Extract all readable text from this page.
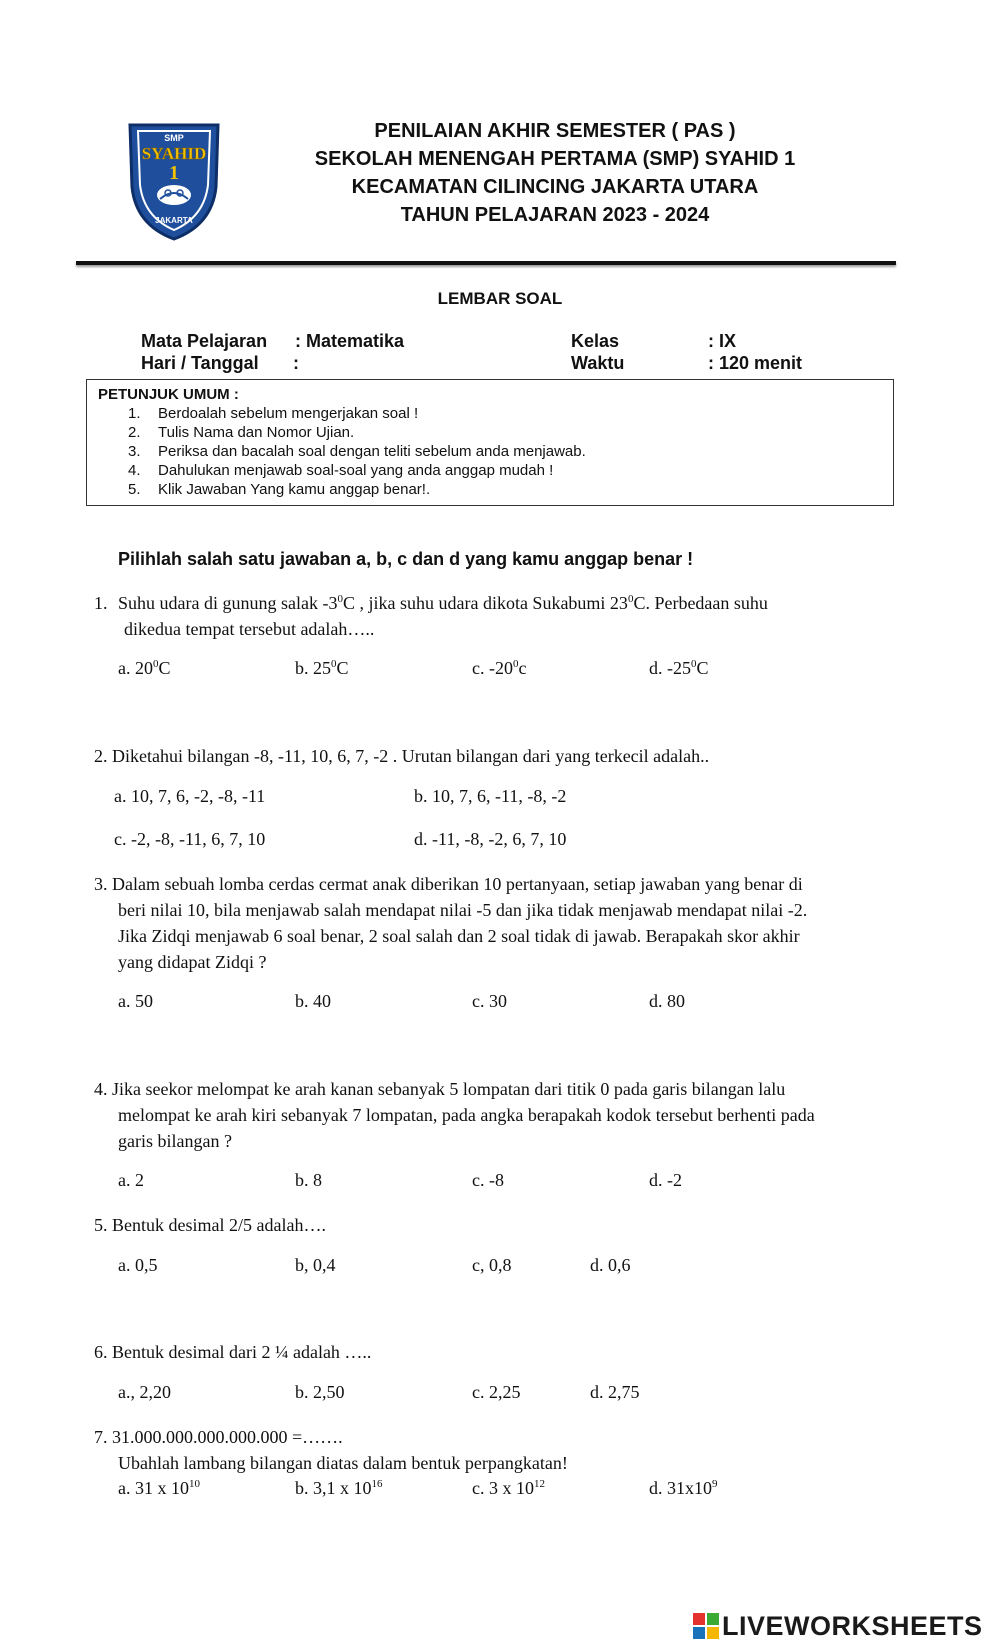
SMP
SYAHID
1
JAKARTA
PENILAIAN AKHIR SEMESTER ( PAS )
SEKOLAH MENENGAH PERTAMA (SMP) SYAHID 1
KECAMATAN CILINCING JAKARTA UTARA
TAHUN PELAJARAN 2023 - 2024
LEMBAR SOAL
Mata Pelajaran : Matematika	Kelas	: IX
Hari / Tanggal :	Waktu	: 120 menit
PETUNJUK UMUM :
1. Berdoalah sebelum mengerjakan soal !
2. Tulis Nama dan Nomor Ujian.
3. Periksa dan bacalah soal dengan teliti sebelum anda menjawab.
4. Dahulukan menjawab soal-soal yang anda anggap mudah !
5. Klik Jawaban Yang kamu anggap benar!.
Pilihlah salah satu jawaban a, b, c dan d yang kamu anggap benar !
1. Suhu udara di gunung salak $-3^0C$ , jika suhu udara dikota Sukabumi $23^0C$. Perbedaan suhu
dikedua tempat tersebut adalah…..
a. $20^0C$	b. $25^0C$	c. $-20^0c$	d. $-25^0C$
2. Diketahui bilangan -8, -11, 10, 6, 7, -2 . Urutan bilangan dari yang terkecil adalah..
a. 10, 7, 6, -2, -8, -11	b. 10, 7, 6, -11, -8, -2
c. -2, -8, -11, 6, 7, 10	d. -11, -8, -2, 6, 7, 10
3. Dalam sebuah lomba cerdas cermat anak diberikan 10 pertanyaan, setiap jawaban yang benar di
beri nilai 10, bila menjawab salah mendapat nilai -5 dan jika tidak menjawab mendapat nilai -2.
Jika Zidqi menjawab 6 soal benar, 2 soal salah dan 2 soal tidak di jawab. Berapakah skor akhir
yang didapat Zidqi ?
a. 50	b. 40	c. 30	d. 80
4. Jika seekor melompat ke arah kanan sebanyak 5 lompatan dari titik 0 pada garis bilangan lalu
melompat ke arah kiri sebanyak 7 lompatan, pada angka berapakah kodok tersebut berhenti pada
garis bilangan ?
a. 2	b. 8	c. -8	d. -2
5. Bentuk desimal 2/5 adalah….
a. 0,5	b, 0,4	c, 0,8	d. 0,6
6. Bentuk desimal dari 2 ¼ adalah …..
a., 2,20	b. 2,50	c. 2,25	d. 2,75
7. 31.000.000.000.000.000 =…….
Ubahlah lambang bilangan diatas dalam bentuk perpangkatan!
a. 31 x $10^{10}$	b. 3,1 x $10^{16}$	c. 3 x $10^{12}$	d. $31x10^9$
LIVEWORKSHEETS
